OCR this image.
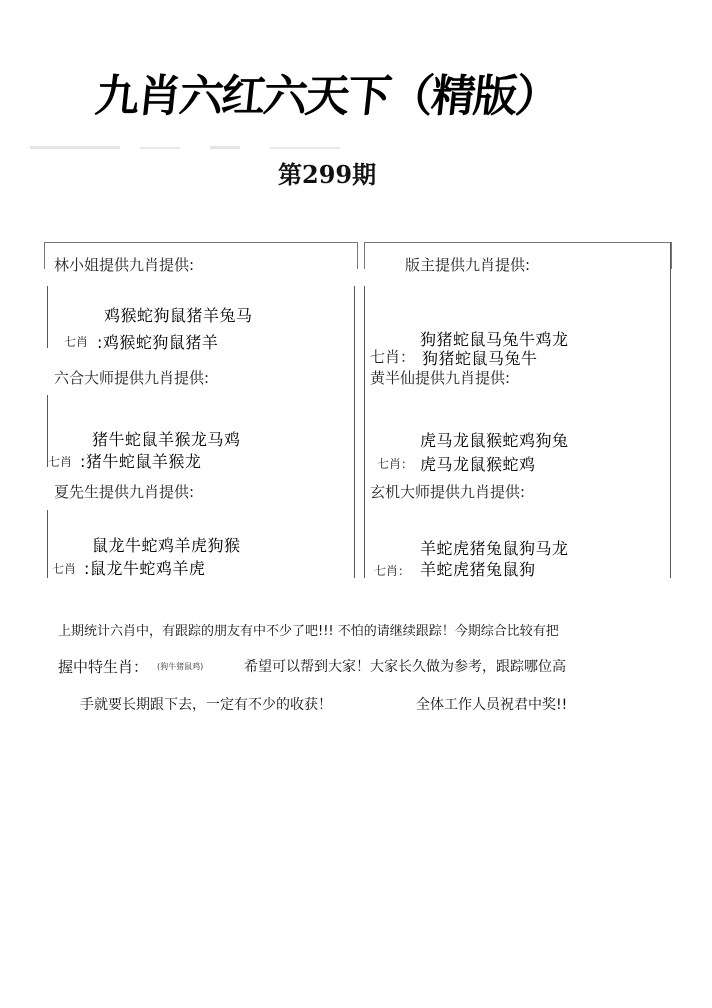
九肖六红六天下（精版）
第299期
林小姐提供九肖提供:
鸡猴蛇狗鼠猪羊兔马
七肖 :鸡猴蛇狗鼠猪羊
版主提供九肖提供:
狗猪蛇鼠马兔牛鸡龙
七肖： 狗猪蛇鼠马兔牛
六合大师提供九肖提供:
猪牛蛇鼠羊猴龙马鸡
七肖 :猪牛蛇鼠羊猴龙
黄半仙提供九肖提供:
虎马龙鼠猴蛇鸡狗兔
七肖： 虎马龙鼠猴蛇鸡
夏先生提供九肖提供:
鼠龙牛蛇鸡羊虎狗猴
七肖 :鼠龙牛蛇鸡羊虎
玄机大师提供九肖提供:
羊蛇虎猪兔鼠狗马龙
七肖： 羊蛇虎猪兔鼠狗
上期统计六肖中，有跟踪的朋友有中不少了吧!!! 不怕的请继续跟踪！今期综合比较有把
握中特生肖： (狗牛猪鼠鸡)	希望可以帮到大家！大家长久做为参考，跟踪哪位高
手就要长期跟下去，一定有不少的收获！	全体工作人员祝君中奖!!
